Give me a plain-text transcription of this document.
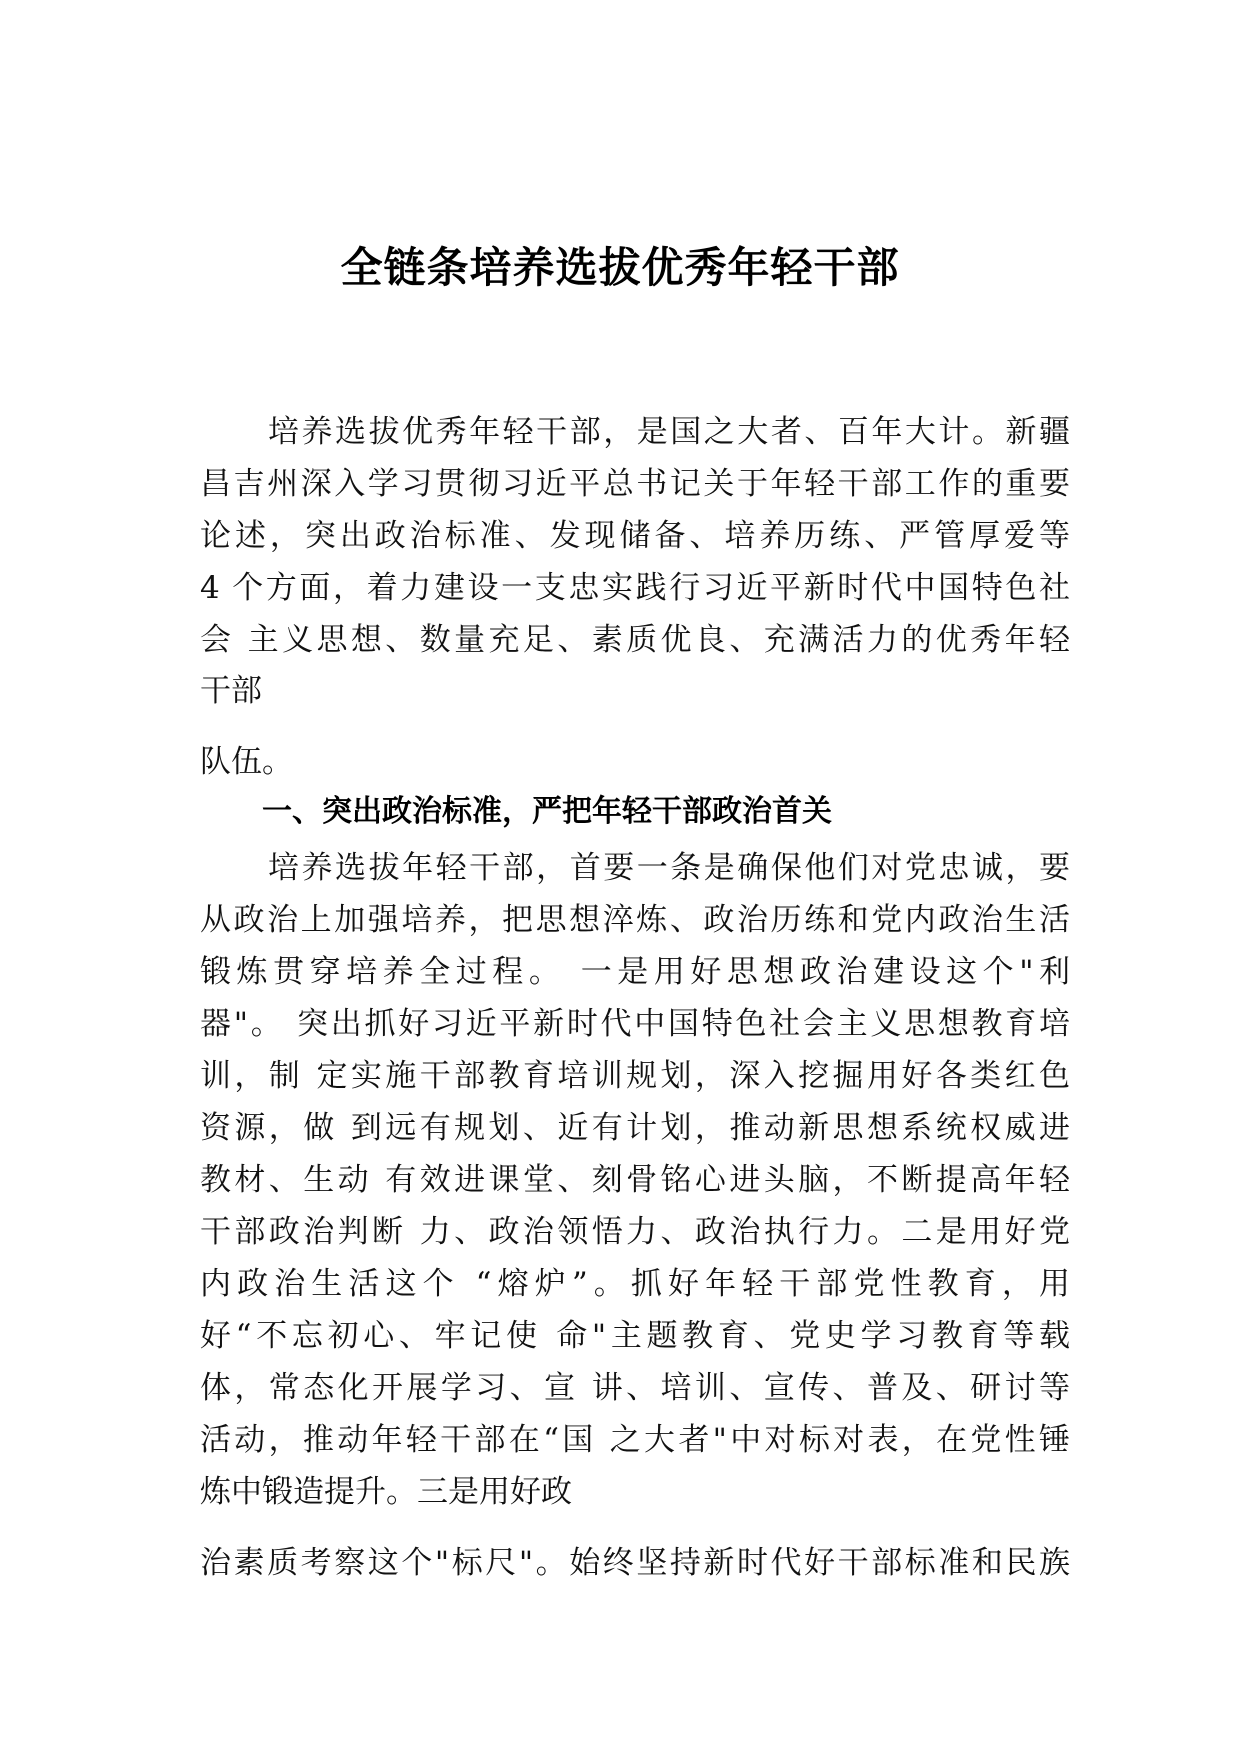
全链条培养选拔优秀年轻干部
培养选拔优秀年轻干部，是国之大者、百年大计。新疆
昌吉州深入学习贯彻习近平总书记关于年轻干部工作的重要
论述，突出政治标准、发现储备、培养历练、严管厚爱等
4 个方面，着力建设一支忠实践行习近平新时代中国特色社
会 主义思想、数量充足、素质优良、充满活力的优秀年轻
干部
队伍。
一、突出政治标准，严把年轻干部政治首关
培养选拔年轻干部，首要一条是确保他们对党忠诚，要
从政治上加强培养，把思想淬炼、政治历练和党内政治生活
锻炼贯穿培养全过程。 一是用好思想政治建设这个"利
器"。 突出抓好习近平新时代中国特色社会主义思想教育培
训，制 定实施干部教育培训规划，深入挖掘用好各类红色
资源，做 到远有规划、近有计划，推动新思想系统权威进
教材、生动 有效进课堂、刻骨铭心进头脑，不断提高年轻
干部政治判断 力、政治领悟力、政治执行力。二是用好党
内政治生活这个 “熔炉”。抓好年轻干部党性教育，用
好“不忘初心、牢记使 命"主题教育、党史学习教育等载
体，常态化开展学习、宣 讲、培训、宣传、普及、研讨等
活动，推动年轻干部在“国 之大者"中对标对表，在党性锤
炼中锻造提升。三是用好政
治素质考察这个"标尺"。始终坚持新时代好干部标准和民族
